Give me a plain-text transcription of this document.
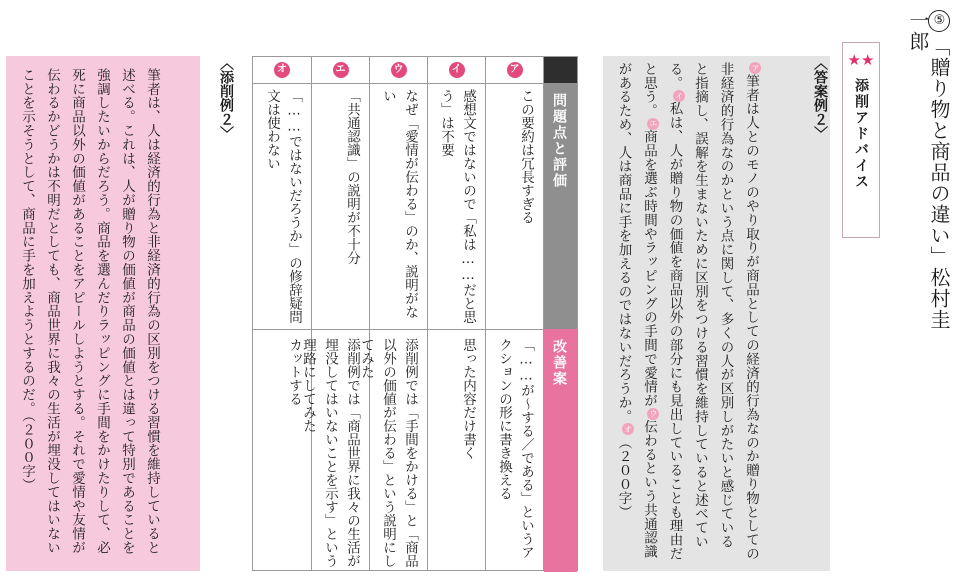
⑤「贈り物と商品の違い」松村圭一郎
★★
添削アドバイス
〈答案例２〉
ア筆者は人とのモノのやり取りが商品としての経済的行為なのか贈り物としての非経済的行為なのかという点に関して、多くの人が区別しがたいと感じていると指摘し、誤解を生まないために区別をつける習慣を維持していると述べている。イ私は、人が贈り物の価値を商品以外の部分にも見出していることも理由だと思う。エ商品を選ぶ時間やラッピングの手間で愛情がウ伝わるという共通認識があるため、人は商品に手を加えるのではないだろうか。オ（２００字）
問題点と評価
改善案
ア
この要約は冗長すぎる
「……が〜する／である」というアクションの形に書き換える
イ
感想文ではないので「私は……だと思う」は不要
思った内容だけ書く
ウ
なぜ「愛情が伝わる」のか、説明がない
添削例では「手間をかける」と「商品以外の価値が伝わる」という説明にしてみた
エ
「共通認識」の説明が不十分
添削例では「商品世界に我々の生活が埋没してはいないことを示す」という理路にしてみた
オ
「……ではないだろうか」の修辞疑問文は使わない
カットする
〈添削例２〉
筆者は、人は経済的行為と非経済的行為の区別をつける習慣を維持していると述べる。これは、人が贈り物の価値が商品の価値とは違って特別であることを強調したいからだろう。商品を選んだりラッピングに手間をかけたりして、必死に商品以外の価値があることをアピールしようとする。それで愛情や友情が伝わるかどうかは不明だとしても、商品世界に我々の生活が埋没してはいないことを示そうとして、商品に手を加えようとするのだ。（２００字）
